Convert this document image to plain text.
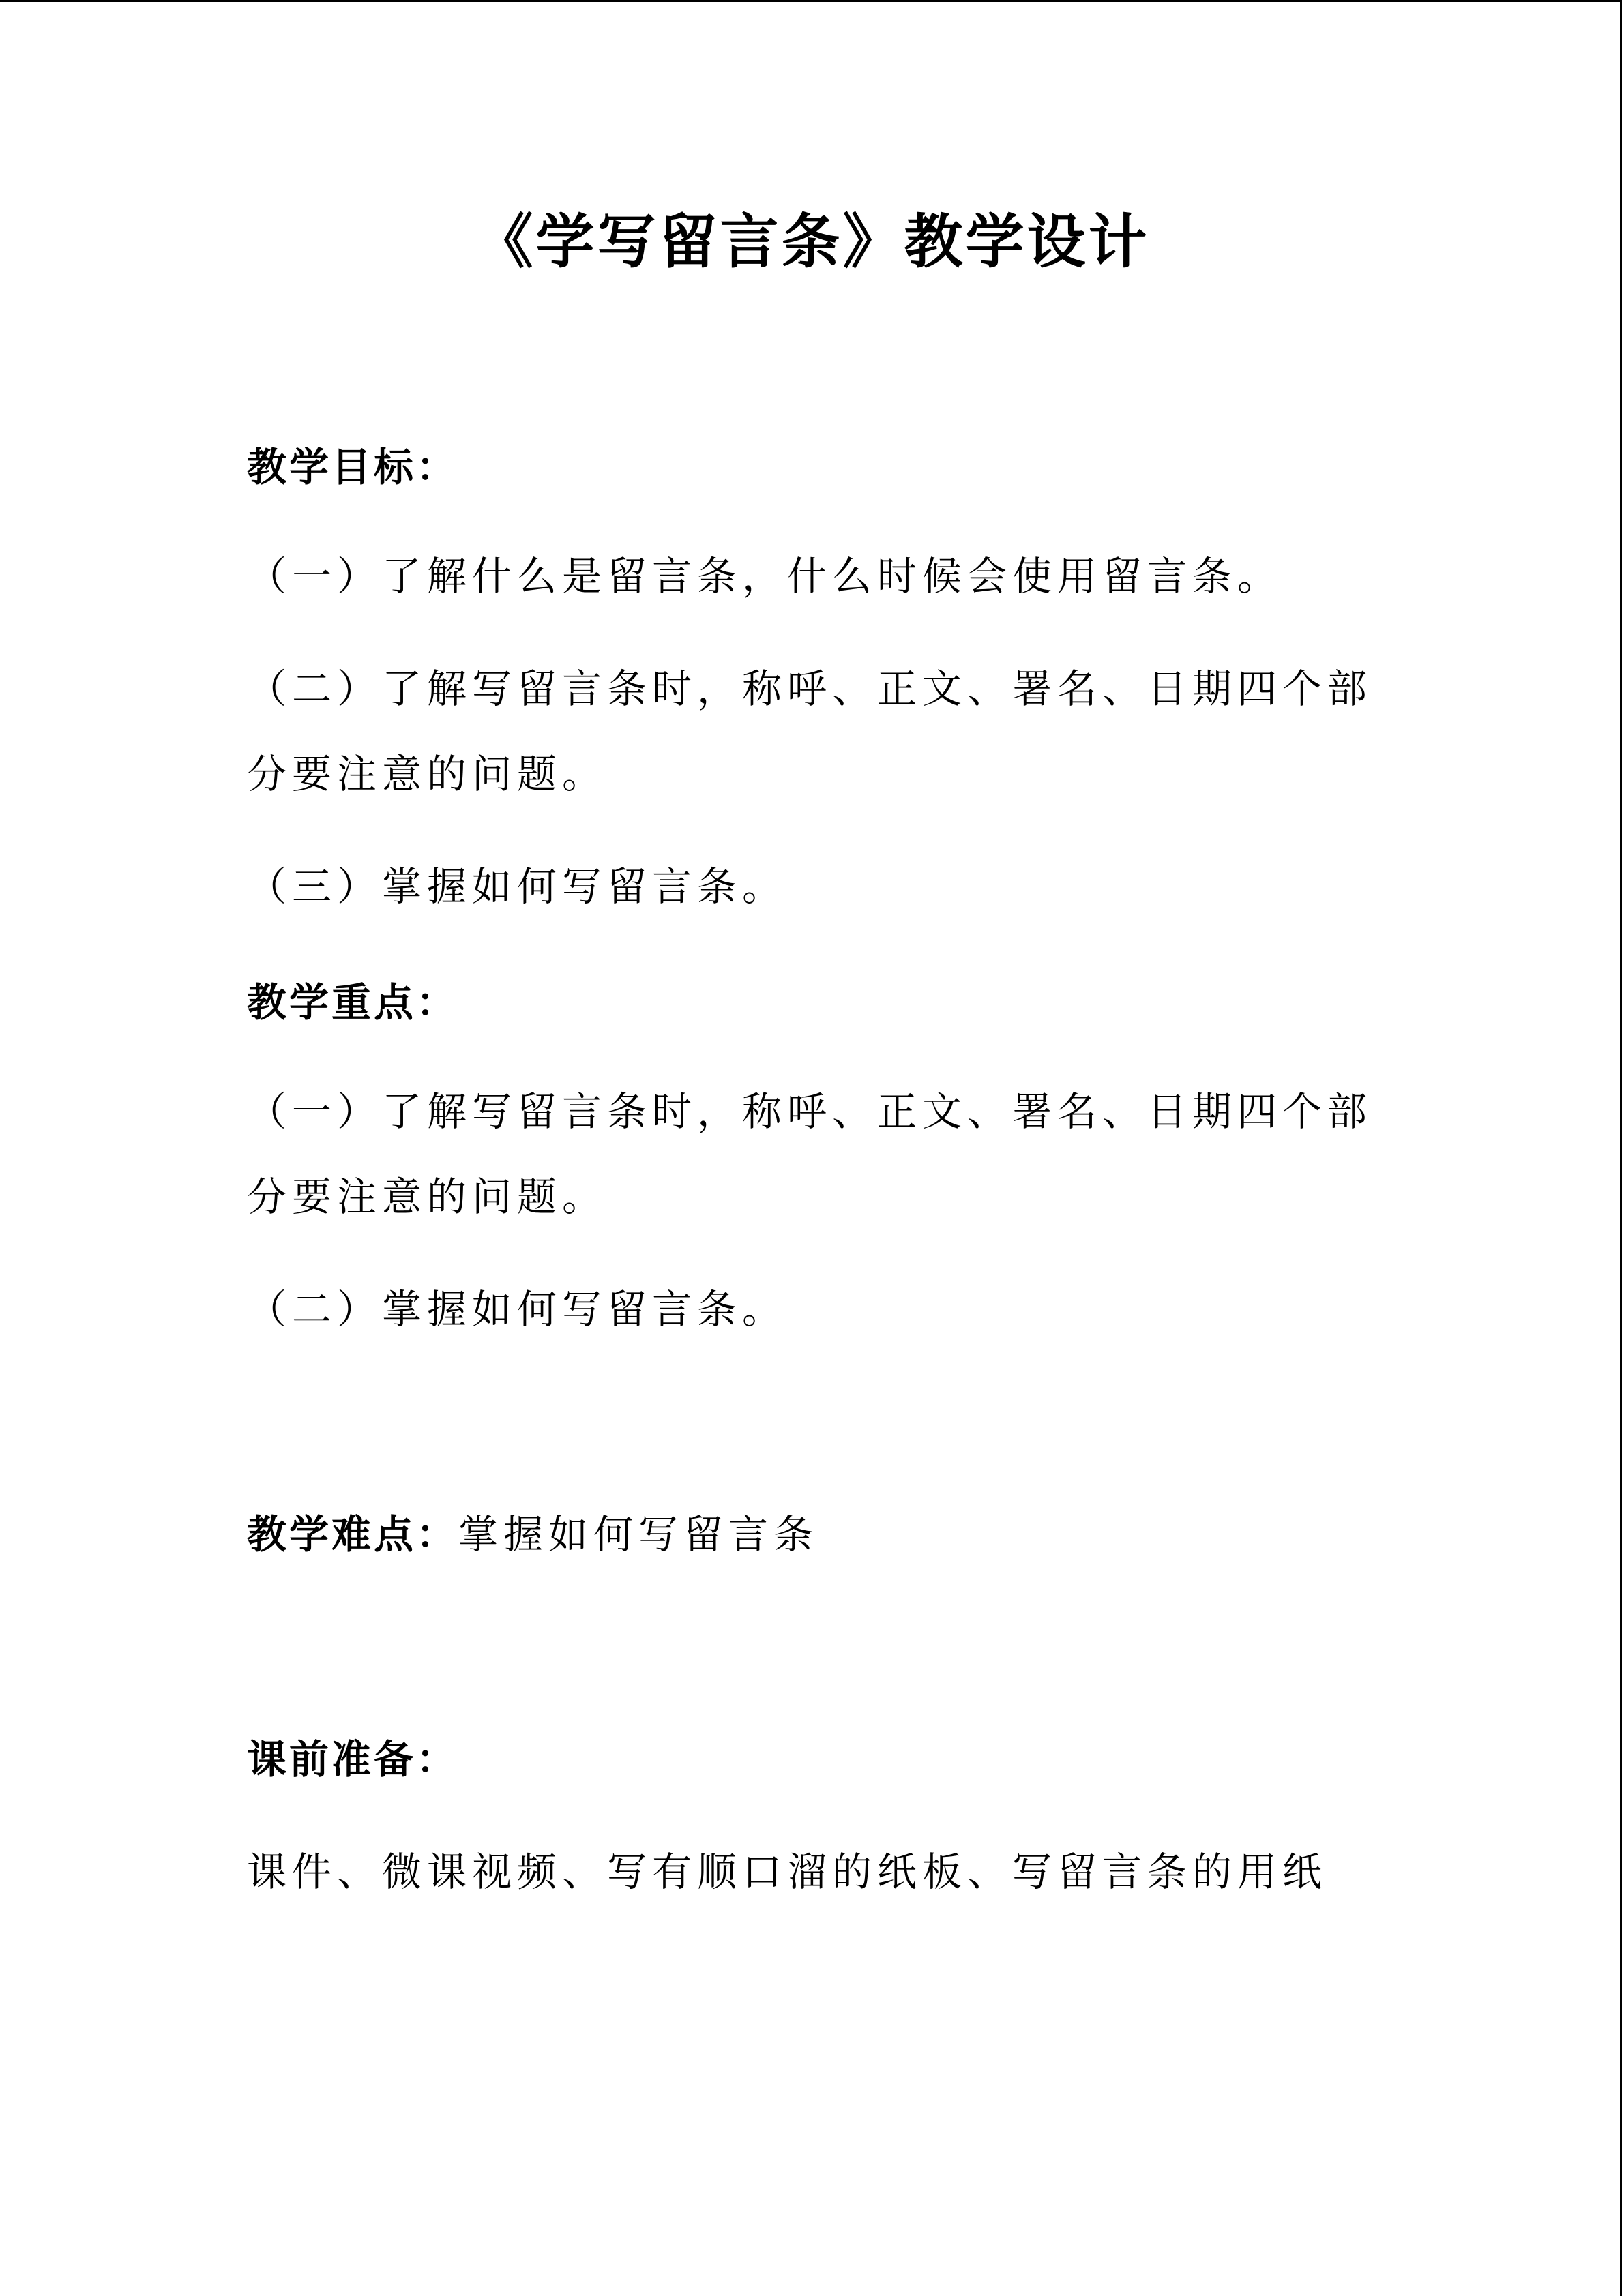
《学写留言条》教学设计
教学目标：
（一）了解什么是留言条，什么时候会使用留言条。
（二）了解写留言条时，称呼、正文、署名、日期四个部
分要注意的问题。
（三）掌握如何写留言条。
教学重点：
（一）了解写留言条时，称呼、正文、署名、日期四个部
分要注意的问题。
（二）掌握如何写留言条。
教学难点：掌握如何写留言条
课前准备：
课件、微课视频、写有顺口溜的纸板、写留言条的用纸
